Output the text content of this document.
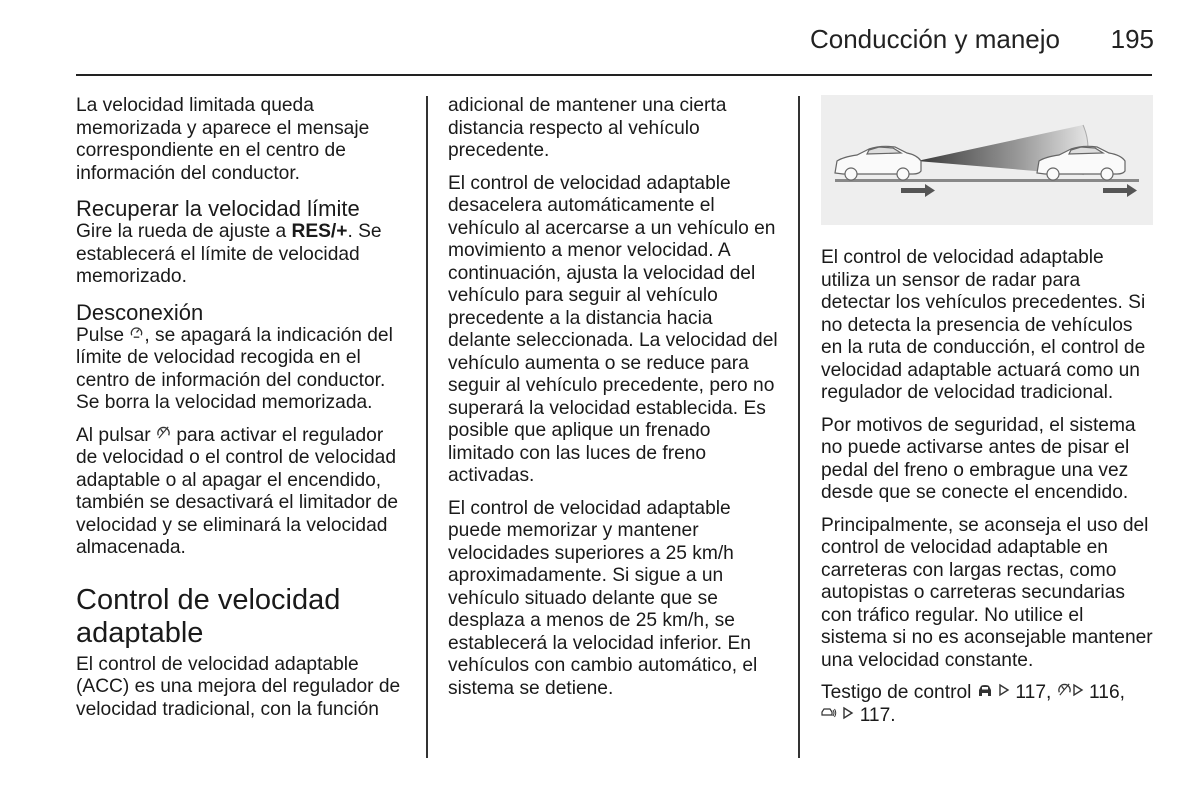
Conducción y manejo	195

La velocidad limitada queda memorizada y aparece el mensaje correspondiente en el centro de información del conductor.

Recuperar la velocidad límite

Gire la rueda de ajuste a RES/+. Se establecerá el límite de velocidad memorizado.

Desconexión

Pulse , se apagará la indicación del límite de velocidad recogida en el centro de información del conductor. Se borra la velocidad memorizada.

Al pulsar  para activar el regulador de velocidad o el control de velocidad adaptable o al apagar el encendido, también se desactivará el limitador de velocidad y se eliminará la velocidad almacenada.

Control de velocidad adaptable

El control de velocidad adaptable (ACC) es una mejora del regulador de velocidad tradicional, con la función

adicional de mantener una cierta distancia respecto al vehículo precedente.

El control de velocidad adaptable desacelera automáticamente el vehículo al acercarse a un vehículo en movimiento a menor velocidad. A continuación, ajusta la velocidad del vehículo para seguir al vehículo precedente a la distancia hacia delante seleccionada. La velocidad del vehículo aumenta o se reduce para seguir al vehículo precedente, pero no superará la velocidad establecida. Es posible que aplique un frenado limitado con las luces de freno activadas.

El control de velocidad adaptable puede memorizar y mantener velocidades superiores a 25 km/h aproximadamente. Si sigue a un vehículo situado delante que se desplaza a menos de 25 km/h, se establecerá la velocidad inferior. En vehículos con cambio automático, el sistema se detiene.

El control de velocidad adaptable utiliza un sensor de radar para detectar los vehículos precedentes. Si no detecta la presencia de vehículos en la ruta de conducción, el control de velocidad adaptable actuará como un regulador de velocidad tradicional.

Por motivos de seguridad, el sistema no puede activarse antes de pisar el pedal del freno o embrague una vez desde que se conecte el encendido.

Principalmente, se aconseja el uso del control de velocidad adaptable en carreteras con largas rectas, como autopistas o carreteras secundarias con tráfico regular. No utilice el sistema si no es aconsejable mantener una velocidad constante.

Testigo de control   117,  116,
117.
